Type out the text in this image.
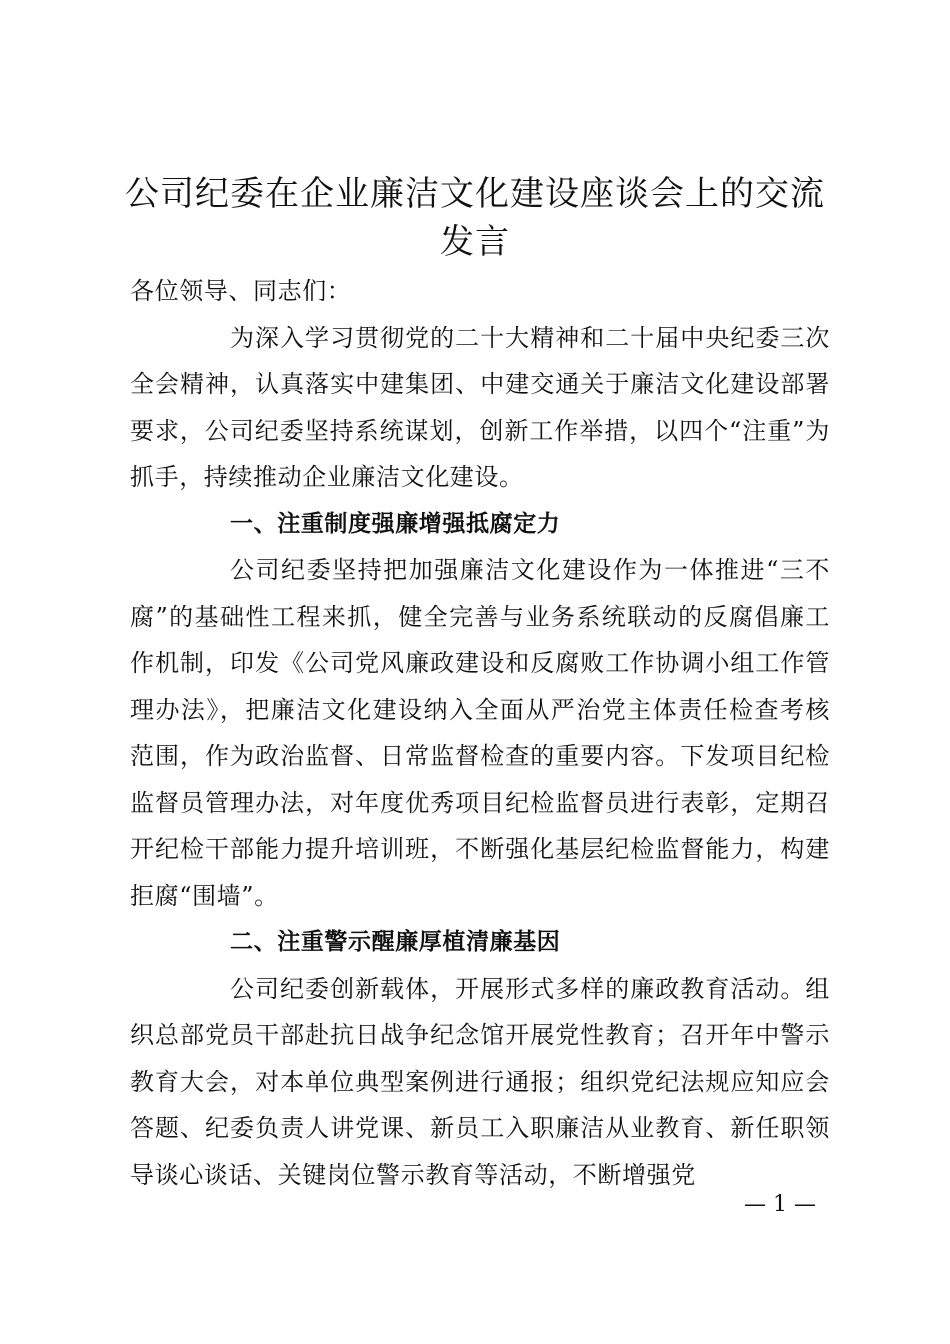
公司纪委在企业廉洁文化建设座谈会上的交流
发言

各位领导、同志们：

为深入学习贯彻党的二十大精神和二十届中央纪委三次全会精神，认真落实中建集团、中建交通关于廉洁文化建设部署要求，公司纪委坚持系统谋划，创新工作举措，以四个“注重”为抓手，持续推动企业廉洁文化建设。

一、注重制度强廉增强抵腐定力

公司纪委坚持把加强廉洁文化建设作为一体推进“三不腐”的基础性工程来抓，健全完善与业务系统联动的反腐倡廉工作机制，印发《公司党风廉政建设和反腐败工作协调小组工作管理办法》，把廉洁文化建设纳入全面从严治党主体责任检查考核范围，作为政治监督、日常监督检查的重要内容。下发项目纪检监督员管理办法，对年度优秀项目纪检监督员进行表彰，定期召开纪检干部能力提升培训班，不断强化基层纪检监督能力，构建拒腐“围墙”。

二、注重警示醒廉厚植清廉基因

公司纪委创新载体，开展形式多样的廉政教育活动。组织总部党员干部赴抗日战争纪念馆开展党性教育；召开年中警示教育大会，对本单位典型案例进行通报；组织党纪法规应知应会答题、纪委负责人讲党课、新员工入职廉洁从业教育、新任职领导谈心谈话、关键岗位警示教育等活动，不断增强党

— 1 —
